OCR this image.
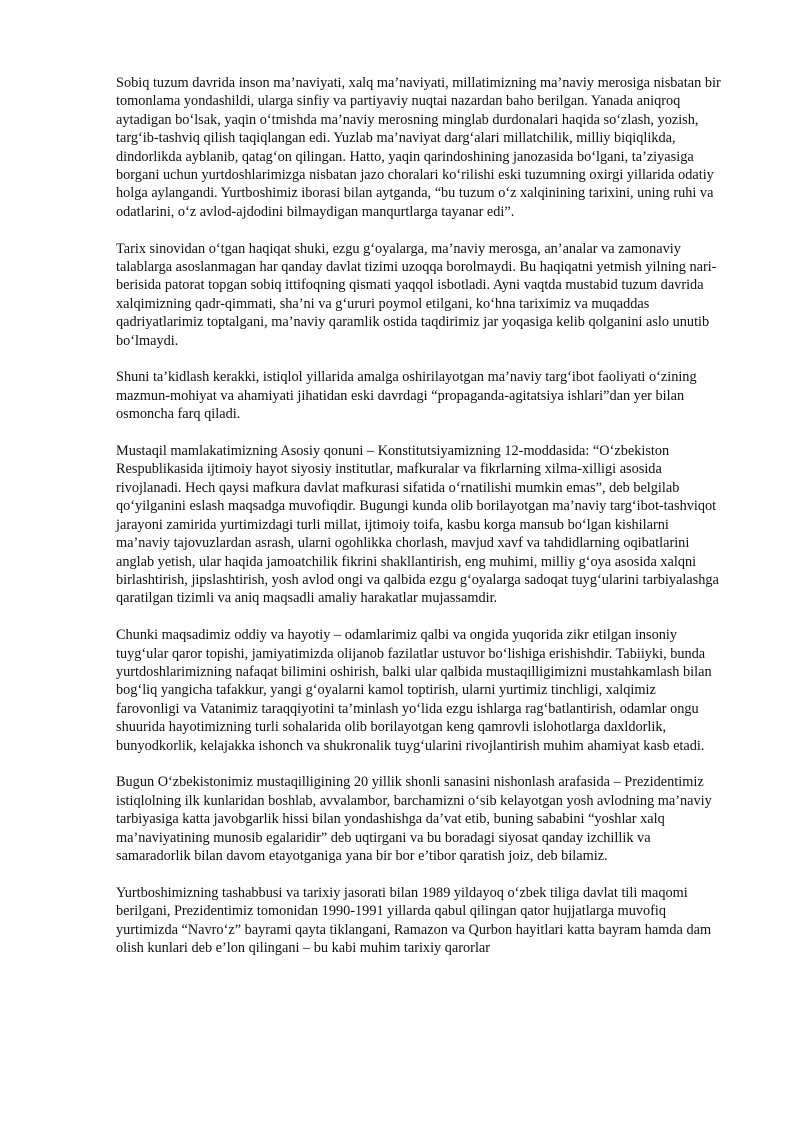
Sobiq tuzum davrida inson ma’naviyati, xalq ma’naviyati, millatimizning ma’naviy merosiga nisbatan bir tomonlama yondashildi, ularga sinfiy va partiyaviy nuqtai nazardan baho berilgan. Yanada aniqroq aytadigan bo‘lsak, yaqin o‘tmishda ma’naviy merosning minglab durdonalari haqida so‘zlash, yozish, targ‘ib-tashviq qilish taqiqlangan edi. Yuzlab ma’naviyat darg‘alari millatchilik, milliy biqiqlikda, dindorlikda ayblanib, qatag‘on qilingan. Hatto, yaqin qarindoshining janozasida bo‘lgani, ta’ziyasiga borgani uchun yurtdoshlarimizga nisbatan jazo choralari ko‘rilishi eski tuzumning oxirgi yillarida odatiy holga aylangandi. Yurtboshimiz iborasi bilan aytganda, “bu tuzum o‘z xalqinining tarixini, uning ruhi va odatlarini, o‘z avlod-ajdodini bilmaydigan manqurtlarga tayanar edi”.

Tarix sinovidan o‘tgan haqiqat shuki, ezgu g‘oyalarga, ma’naviy merosga, an’analar va zamonaviy talablarga asoslanmagan har qanday davlat tizimi uzoqqa borolmaydi. Bu haqiqatni yetmish yilning nari-berisida patorat topgan sobiq ittifoqning qismati yaqqol isbotladi. Ayni vaqtda mustabid tuzum davrida xalqimizning qadr-qimmati, sha’ni va g‘ururi poymol etilgani, ko‘hna tariximiz va muqaddas qadriyatlarimiz toptalgani, ma’naviy qaramlik ostida taqdirimiz jar yoqasiga kelib qolganini aslo unutib bo‘lmaydi.

Shuni ta’kidlash kerakki, istiqlol yillarida amalga oshirilayotgan ma’naviy targ‘ibot faoliyati o‘zining mazmun-mohiyat va ahamiyati jihatidan eski davrdagi “propaganda-agitatsiya ishlari”dan yer bilan osmoncha farq qiladi.

Mustaqil mamlakatimizning Asosiy qonuni – Konstitutsiyamizning 12-moddasida: “O‘zbekiston Respublikasida ijtimoiy hayot siyosiy institutlar, mafkuralar va fikrlarning xilma-xilligi asosida rivojlanadi. Hech qaysi mafkura davlat mafkurasi sifatida o‘rnatilishi mumkin emas”, deb belgilab qo‘yilganini eslash maqsadga muvofiqdir. Bugungi kunda olib borilayotgan ma’naviy targ‘ibot-tashviqot jarayoni zamirida yurtimizdagi turli millat, ijtimoiy toifa, kasbu korga mansub bo‘lgan kishilarni ma’naviy tajovuzlardan asrash, ularni ogohlikka chorlash, mavjud xavf va tahdidlarning oqibatlarini anglab yetish, ular haqida jamoatchilik fikrini shakllantirish, eng muhimi, milliy g‘oya asosida xalqni birlashtirish, jipslashtirish, yosh avlod ongi va qalbida ezgu g‘oyalarga sadoqat tuyg‘ularini tarbiyalashga qaratilgan tizimli va aniq maqsadli amaliy harakatlar mujassamdir.

Chunki maqsadimiz oddiy va hayotiy – odamlarimiz qalbi va ongida yuqorida zikr etilgan insoniy tuyg‘ular qaror topishi, jamiyatimizda olijanob fazilatlar ustuvor bo‘lishiga erishishdir. Tabiiyki, bunda yurtdoshlarimizning nafaqat bilimini oshirish, balki ular qalbida mustaqilligimizni mustahkamlash bilan bog‘liq yangicha tafakkur, yangi g‘oyalarni kamol toptirish, ularni yurtimiz tinchligi, xalqimiz farovonligi va Vatanimiz taraqqiyotini ta’minlash yo‘lida ezgu ishlarga rag‘batlantirish, odamlar ongu shuurida hayotimizning turli sohalarida olib borilayotgan keng qamrovli islohotlarga daxldorlik, bunyodkorlik, kelajakka ishonch va shukronalik tuyg‘ularini rivojlantirish muhim ahamiyat kasb etadi.

Bugun O‘zbekistonimiz mustaqilligining 20 yillik shonli sanasini nishonlash arafasida – Prezidentimiz istiqlolning ilk kunlaridan boshlab, avvalambor, barchamizni o‘sib kelayotgan yosh avlodning ma’naviy tarbiyasiga katta javobgarlik hissi bilan yondashishga da’vat etib, buning sababini “yoshlar xalq ma’naviyatining munosib egalaridir” deb uqtirgani va bu boradagi siyosat qanday izchillik va samaradorlik bilan davom etayotganiga yana bir bor e’tibor qaratish joiz, deb bilamiz.

Yurtboshimizning tashabbusi va tarixiy jasorati bilan 1989 yildayoq o‘zbek tiliga davlat tili maqomi berilgani, Prezidentimiz tomonidan 1990-1991 yillarda qabul qilingan qator hujjatlarga muvofiq yurtimizda “Navro‘z” bayrami qayta tiklangani, Ramazon va Qurbon hayitlari katta bayram hamda dam olish kunlari deb e’lon qilingani – bu kabi muhim tarixiy qarorlar
